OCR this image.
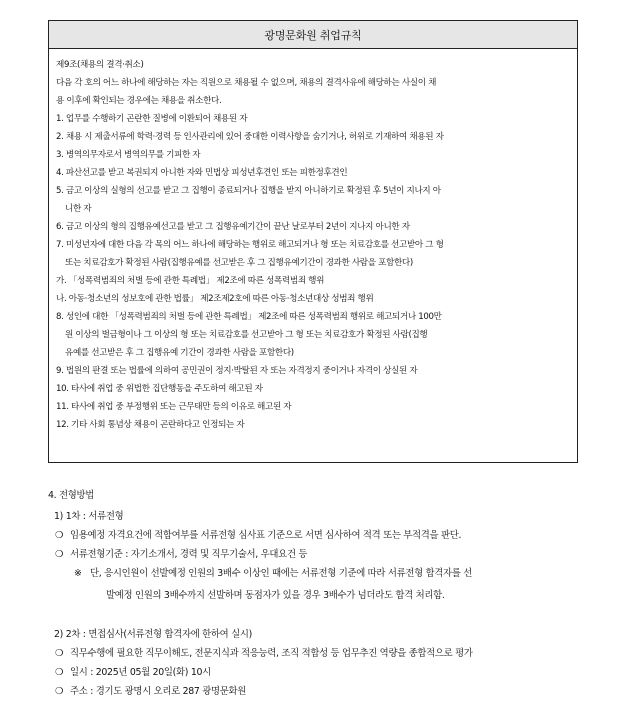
광명문화원 취업규칙
제9조(채용의 결격·취소)
다음 각 호의 어느 하나에 해당하는 자는 직원으로 채용될 수 없으며, 채용의 결격사유에 해당하는 사실이 채
용 이후에 확인되는 경우에는 채용을 취소한다.
1. 업무를 수행하기 곤란한 질병에 이환되어 채용된 자
2. 채용 시 제출서류에 학력·경력 등 인사관리에 있어 중대한 이력사항을 숨기거나, 허위로 기재하여 채용된 자
3. 병역의무자로서 병역의무를 기피한 자
4. 파산선고를 받고 복권되지 아니한 자와 민법상 피성년후견인 또는 피한정후견인
5. 금고 이상의 실형의 선고를 받고 그 집행이 종료되거나 집행을 받지 아니하기로 확정된 후 5년이 지나지 아
니한 자
6. 금고 이상의 형의 집행유예선고를 받고 그 집행유예기간이 끝난 날로부터 2년이 지나지 아니한 자
7. 미성년자에 대한 다음 각 목의 어느 하나에 해당하는 행위로 해고되거나 형 또는 치료감호를 선고받아 그 형
또는 치료감호가 확정된 사람(집행유예를 선고받은 후 그 집행유예기간이 경과한 사람을 포함한다)
가. 「성폭력범죄의 처벌 등에 관한 특례법」 제2조에 따른 성폭력범죄 행위
나. 아동·청소년의 성보호에 관한 법률」 제2조제2호에 따른 아동·청소년대상 성범죄 행위
8. 성인에 대한 「성폭력범죄의 처벌 등에 관한 특례법」 제2조에 따른 성폭력범죄 행위로 해고되거나 100만
원 이상의 벌금형이나 그 이상의 형 또는 치료감호를 선고받아 그 형 또는 치료감호가 확정된 사람(집행
유예를 선고받은 후 그 집행유예 기간이 경과한 사람을 포함한다)
9. 법원의 판결 또는 법률에 의하여 공민권이 정지·박탈된 자 또는 자격정지 중이거나 자격이 상실된 자
10. 타사에 취업 중 위법한 집단행동을 주도하여 해고된 자
11. 타사에 취업 중 부정행위 또는 근무태만 등의 이유로 해고된 자
12. 기타 사회 통념상 채용이 곤란하다고 인정되는 자
4. 전형방법
1) 1차 : 서류전형
❍ 임용예정 자격요건에 적합여부를 서류전형 심사표 기준으로 서면 심사하여 적격 또는 부적격을 판단.
❍ 서류전형기준 : 자기소개서, 경력 및 직무기술서, 우대요건 등
※ 단, 응시인원이 선발예정 인원의 3배수 이상인 때에는 서류전형 기준에 따라 서류전형 합격자를 선
발예정 인원의 3배수까지 선발하며 동점자가 있을 경우 3배수가 넘더라도 합격 처리함.
2) 2차 : 면접심사(서류전형 합격자에 한하여 실시)
❍ 직무수행에 필요한 직무이해도, 전문지식과 적응능력, 조직 적합성 등 업무추진 역량을 종합적으로 평가
❍ 일시 : 2025년 05월 20일(화) 10시
❍ 주소 : 경기도 광명시 오리로 287 광명문화원
